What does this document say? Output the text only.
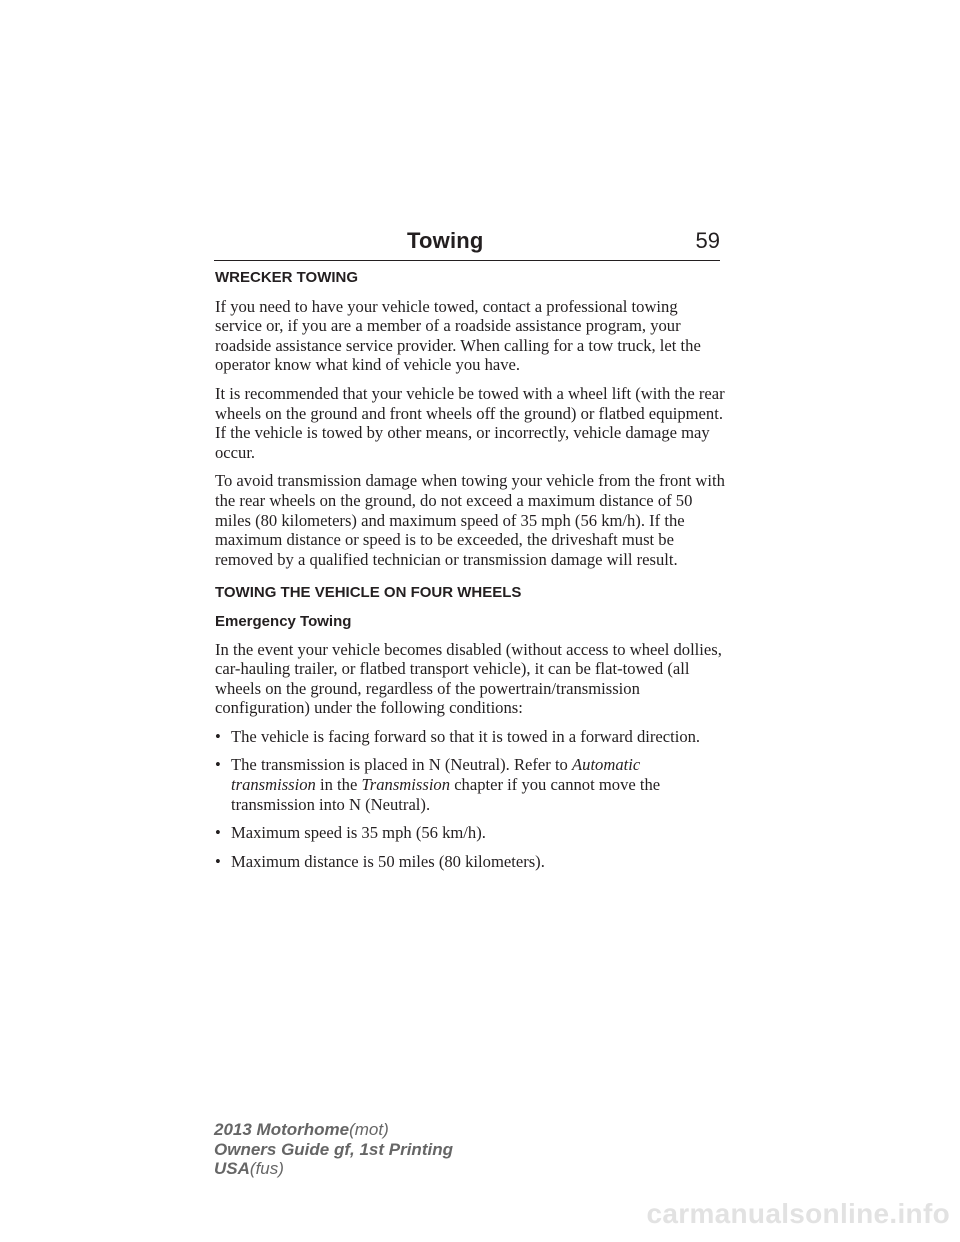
Towing	59
WRECKER TOWING

If you need to have your vehicle towed, contact a professional towing service or, if you are a member of a roadside assistance program, your roadside assistance service provider. When calling for a tow truck, let the operator know what kind of vehicle you have.

It is recommended that your vehicle be towed with a wheel lift (with the rear wheels on the ground and front wheels off the ground) or flatbed equipment. If the vehicle is towed by other means, or incorrectly, vehicle damage may occur.

To avoid transmission damage when towing your vehicle from the front with the rear wheels on the ground, do not exceed a maximum distance of 50 miles (80 kilometers) and maximum speed of 35 mph (56 km/h). If the maximum distance or speed is to be exceeded, the driveshaft must be removed by a qualified technician or transmission damage will result.

TOWING THE VEHICLE ON FOUR WHEELS
Emergency Towing

In the event your vehicle becomes disabled (without access to wheel dollies, car-hauling trailer, or flatbed transport vehicle), it can be flat-towed (all wheels on the ground, regardless of the powertrain/transmission configuration) under the following conditions:

• The vehicle is facing forward so that it is towed in a forward direction.
• The transmission is placed in N (Neutral). Refer to Automatic transmission in the Transmission chapter if you cannot move the transmission into N (Neutral).
• Maximum speed is 35 mph (56 km/h).
• Maximum distance is 50 miles (80 kilometers).
2013 Motorhome(mot)
Owners Guide gf, 1st Printing
USA(fus)
carmanualsonline.info
